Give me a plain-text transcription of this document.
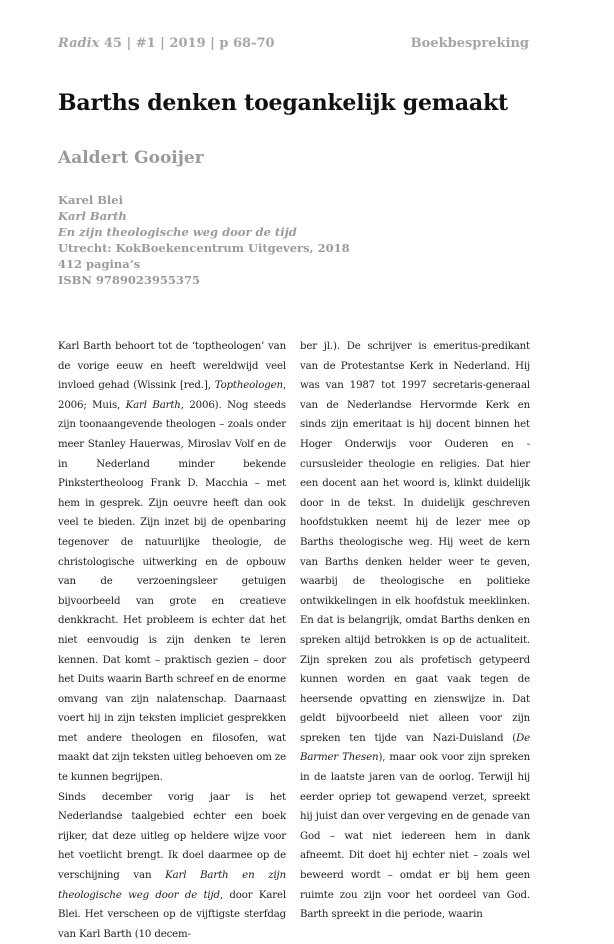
Radix 45 | #1 | 2019 | p 68-70	Boekbespreking
Barths denken toegankelijk gemaakt
Aaldert Gooijer
Karel Blei
Karl Barth
En zijn theologische weg door de tijd
Utrecht: KokBoekencentrum Uitgevers, 2018
412 pagina’s
ISBN 9789023955375

Karl Barth behoort tot de ‘toptheologen’ van de vorige eeuw en heeft wereldwijd veel invloed gehad (Wissink [red.], Toptheologen, 2006; Muis, Karl Barth, 2006). Nog steeds zijn toonaangevende theologen – zoals onder meer Stanley Hauerwas, Miroslav Volf en de in Nederland minder bekende Pinkstertheoloog Frank D. Macchia – met hem in gesprek. Zijn oeuvre heeft dan ook veel te bieden. Zijn inzet bij de openbaring tegenover de natuurlijke theologie, de christologische uitwerking en de opbouw van de verzoeningsleer getuigen bijvoorbeeld van grote en creatieve denkkracht. Het probleem is echter dat het niet eenvoudig is zijn denken te leren kennen. Dat komt – praktisch gezien – door het Duits waarin Barth schreef en de enorme omvang van zijn nalatenschap. Daarnaast voert hij in zijn teksten impliciet gesprekken met andere theologen en filosofen, wat maakt dat zijn teksten uitleg behoeven om ze te kunnen begrijpen.

Sinds december vorig jaar is het Nederlandse taalgebied echter een boek rijker, dat deze uitleg op heldere wijze voor het voetlicht brengt. Ik doel daarmee op de verschijning van Karl Barth en zijn theologische weg door de tijd, door Karel Blei. Het verscheen op de vijftigste sterfdag van Karl Barth (10 decem-

ber jl.). De schrijver is emeritus-predikant van de Protestantse Kerk in Nederland. Hij was van 1987 tot 1997 secretaris-generaal van de Nederlandse Hervormde Kerk en sinds zijn emeritaat is hij docent binnen het Hoger Onderwijs voor Ouderen en -cursusleider theologie en religies. Dat hier een docent aan het woord is, klinkt duidelijk door in de tekst. In duidelijk geschreven hoofdstukken neemt hij de lezer mee op Barths theologische weg. Hij weet de kern van Barths denken helder weer te geven, waarbij de theologische en politieke ontwikkelingen in elk hoofdstuk meeklinken. En dat is belangrijk, omdat Barths denken en spreken altijd betrokken is op de actualiteit. Zijn spreken zou als profetisch getypeerd kunnen worden en gaat vaak tegen de heersende opvatting en zienswijze in. Dat geldt bijvoorbeeld niet alleen voor zijn spreken ten tijde van Nazi-Duisland (De Barmer Thesen), maar ook voor zijn spreken in de laatste jaren van de oorlog. Terwijl hij eerder opriep tot gewapend verzet, spreekt hij juist dan over vergeving en de genade van God – wat niet iedereen hem in dank afneemt. Dit doet hij echter niet – zoals wel beweerd wordt – omdat er bij hem geen ruimte zou zijn voor het oordeel van God. Barth spreekt in die periode, waarin
